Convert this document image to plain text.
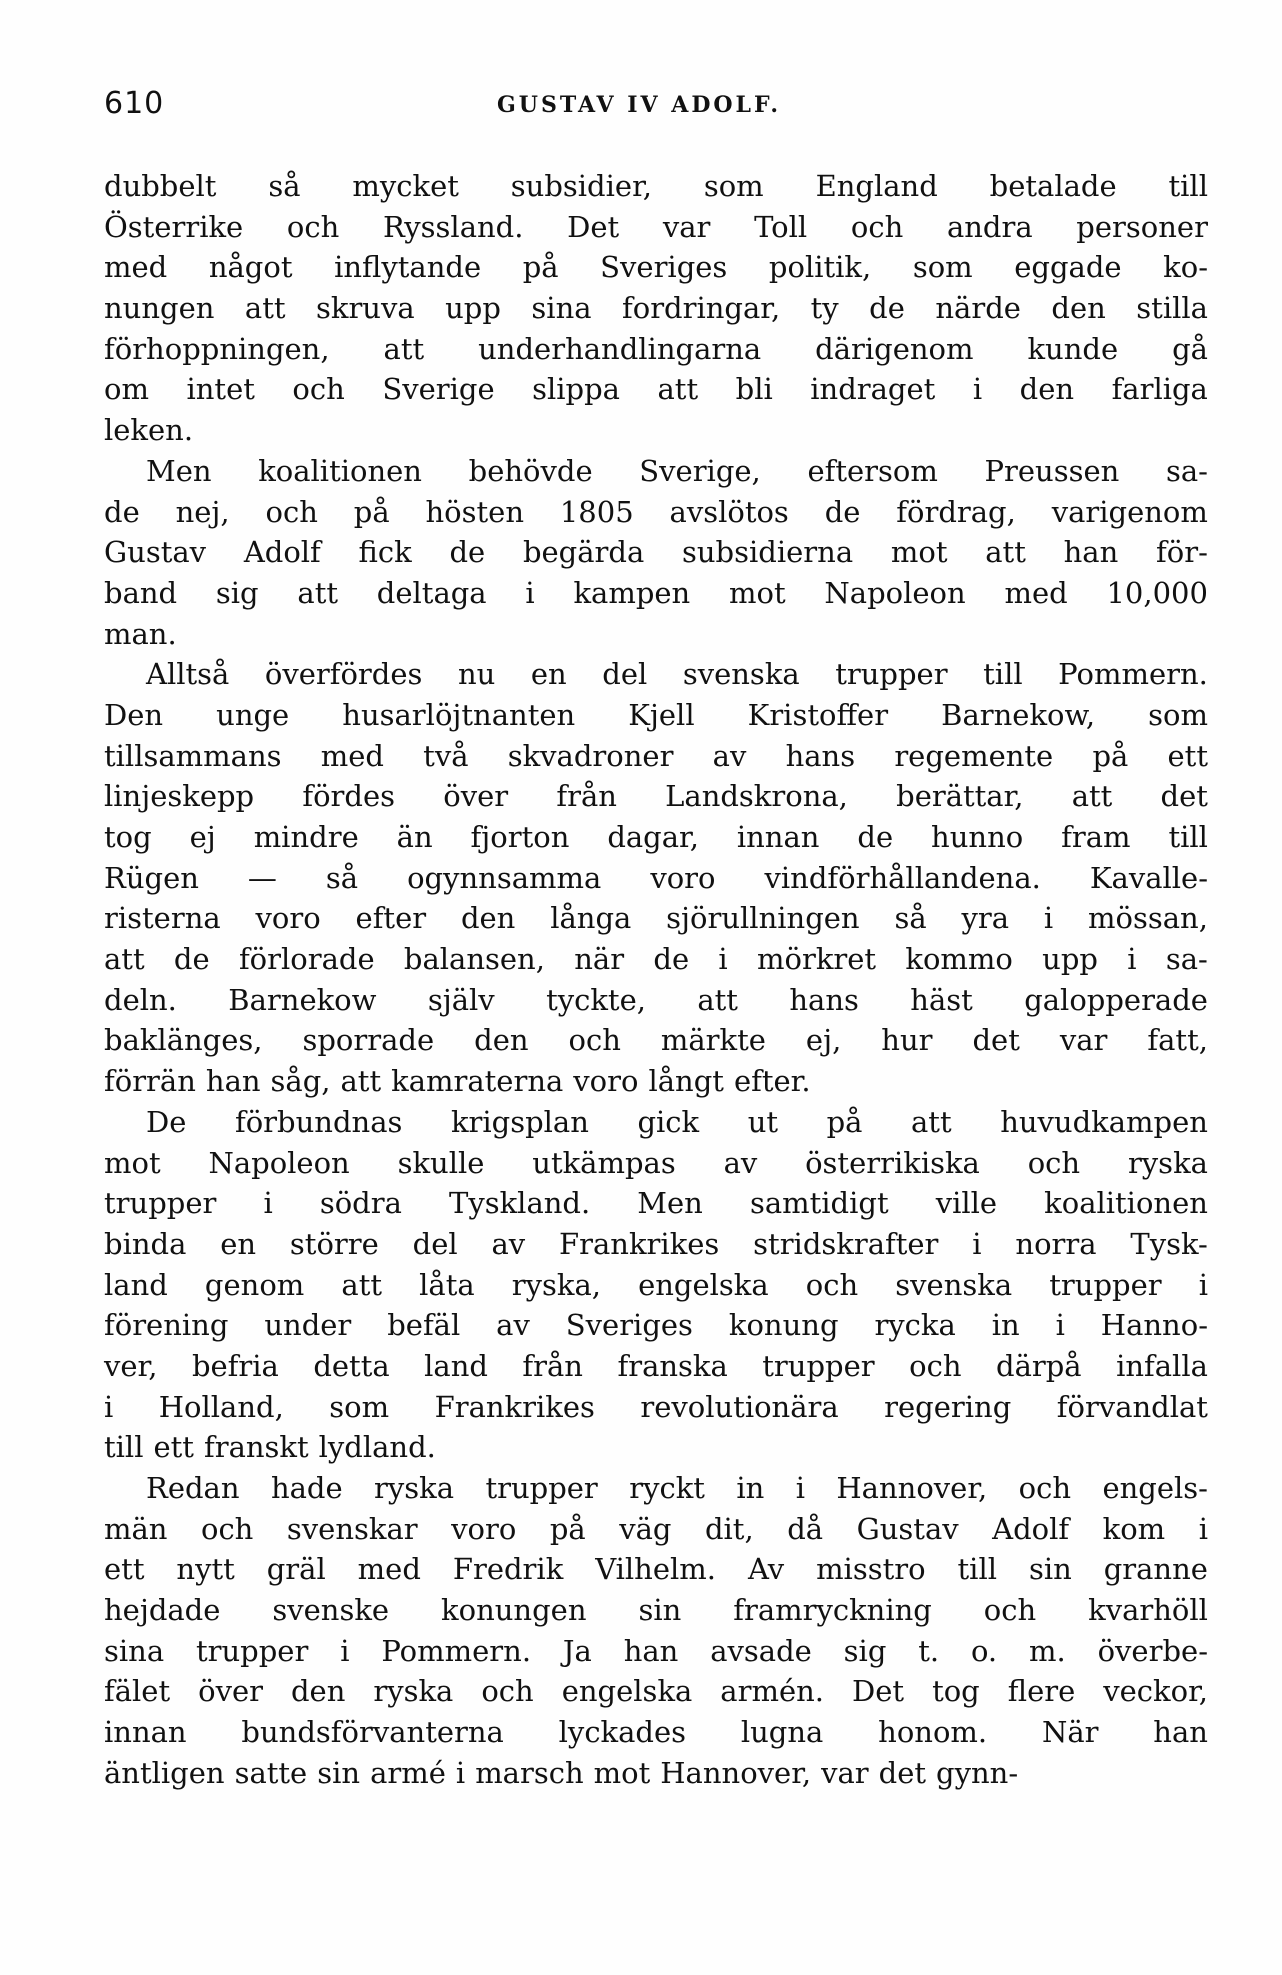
610	GUSTAV IV ADOLF.
dubbelt så mycket subsidier, som England betalade till
Österrike och Ryssland. Det var Toll och andra personer
med något inflytande på Sveriges politik, som eggade ko-
nungen att skruva upp sina fordringar, ty de närde den stilla
förhoppningen, att underhandlingarna därigenom kunde gå
om intet och Sverige slippa att bli indraget i den farliga
leken.
Men koalitionen behövde Sverige, eftersom Preussen sa-
de nej, och på hösten 1805 avslötos de fördrag, varigenom
Gustav Adolf fick de begärda subsidierna mot att han för-
band sig att deltaga i kampen mot Napoleon med 10,000
man.
Alltså överfördes nu en del svenska trupper till Pommern.
Den unge husarlöjtnanten Kjell Kristoffer Barnekow, som
tillsammans med två skvadroner av hans regemente på ett
linjeskepp fördes över från Landskrona, berättar, att det
tog ej mindre än fjorton dagar, innan de hunno fram till
Rügen — så ogynnsamma voro vindförhållandena. Kavalle-
risterna voro efter den långa sjörullningen så yra i mössan,
att de förlorade balansen, när de i mörkret kommo upp i sa-
deln. Barnekow själv tyckte, att hans häst galopperade
baklänges, sporrade den och märkte ej, hur det var fatt,
förrän han såg, att kamraterna voro långt efter.
De förbundnas krigsplan gick ut på att huvudkampen
mot Napoleon skulle utkämpas av österrikiska och ryska
trupper i södra Tyskland. Men samtidigt ville koalitionen
binda en större del av Frankrikes stridskrafter i norra Tysk-
land genom att låta ryska, engelska och svenska trupper i
förening under befäl av Sveriges konung rycka in i Hanno-
ver, befria detta land från franska trupper och därpå infalla
i Holland, som Frankrikes revolutionära regering förvandlat
till ett franskt lydland.
Redan hade ryska trupper ryckt in i Hannover, och engels-
män och svenskar voro på väg dit, då Gustav Adolf kom i
ett nytt gräl med Fredrik Vilhelm. Av misstro till sin granne
hejdade svenske konungen sin framryckning och kvarhöll
sina trupper i Pommern. Ja han avsade sig t. o. m. överbe-
fälet över den ryska och engelska armén. Det tog flere veckor,
innan bundsförvanterna lyckades lugna honom. När han
äntligen satte sin armé i marsch mot Hannover, var det gynn-
